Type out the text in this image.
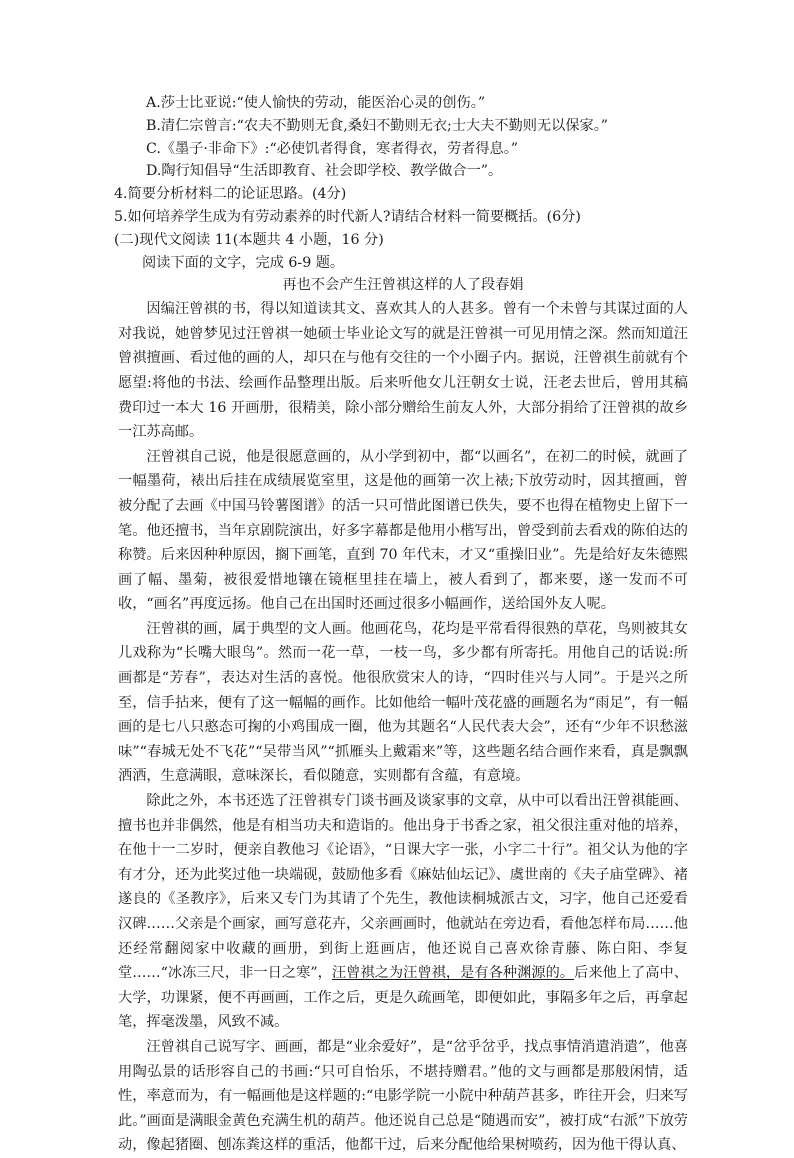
A.莎士比亚说:“使人愉快的劳动，能医治心灵的创伤。”

B.清仁宗曾言:“农夫不勤则无食,桑妇不勤则无衣;士大夫不勤则无以保家。”

C.《墨子·非命下》:“必使饥者得食，寒者得衣，劳者得息。”

D.陶行知倡导“生活即教育、社会即学校、教学做合一”。

4.简要分析材料二的论证思路。(4分)

5.如何培养学生成为有劳动素养的时代新人?请结合材料一简要概括。(6分)

(二)现代文阅读 11(本题共 4 小题，16 分)

阅读下面的文字，完成 6-9 题。

再也不会产生汪曾祺这样的人了段春娟

因编汪曾祺的书，得以知道读其文、喜欢其人的人甚多。曾有一个未曾与其谋过面的人对我说，她曾梦见过汪曾祺一她硕士毕业论文写的就是汪曾祺一可见用情之深。然而知道汪曾祺擅画、看过他的画的人，却只在与他有交往的一个小圈子内。据说，汪曾祺生前就有个愿望:将他的书法、绘画作品整理出版。后来听他女儿汪朝女士说，汪老去世后，曾用其稿费印过一本大 16 开画册，很精美，除小部分赠给生前友人外，大部分捐给了汪曾祺的故乡一江苏高邮。

汪曾祺自己说，他是很愿意画的，从小学到初中，都“以画名”，在初二的时候，就画了一幅墨荷，裱出后挂在成绩展览室里，这是他的画第一次上裱;下放劳动时，因其擅画，曾被分配了去画《中国马铃薯图谱》的活一只可惜此图谱已佚失，要不也得在植物史上留下一笔。他还擅书，当年京剧院演出，好多字幕都是他用小楷写出，曾受到前去看戏的陈伯达的称赞。后来因种种原因，搁下画笔，直到 70 年代末，才又“重操旧业”。先是给好友朱德熙画了幅、墨菊，被很爱惜地镶在镜框里挂在墙上，被人看到了，都来要，遂一发而不可收，“画名”再度远扬。他自己在出国时还画过很多小幅画作，送给国外友人呢。

汪曾祺的画，属于典型的文人画。他画花鸟，花均是平常看得很熟的草花，鸟则被其女儿戏称为“长嘴大眼鸟”。然而一花一草，一枝一鸟，多少都有所寄托。用他自己的话说:所画都是“芳春”，表达对生活的喜悦。他很欣赏宋人的诗，“四时佳兴与人同”。于是兴之所至，信手拈来，便有了这一幅幅的画作。比如他给一幅叶茂花盛的画题名为“雨足”，有一幅画的是七八只憨态可掬的小鸡围成一圈，他为其题名“人民代表大会”，还有“少年不识愁滋味”“春城无处不飞花”“吴带当风”“抓雁头上戴霜来”等，这些题名结合画作来看，真是飘飘洒洒，生意满眼，意味深长，看似随意，实则都有含蕴，有意境。

除此之外，本书还选了汪曾祺专门谈书画及谈家事的文章，从中可以看出汪曾祺能画、擅书也并非偶然，他是有相当功夫和造诣的。他出身于书香之家，祖父很注重对他的培养，在他十一二岁时，便亲自教他习《论语》，“日课大字一张，小字二十行”。祖父认为他的字有才分，还为此奖过他一块端砚，鼓励他多看《麻姑仙坛记》、虞世南的《夫子庙堂碑》、褚遂良的《圣教序》，后来又专门为其请了个先生，教他读桐城派古文，习字，他自己还爱看汉碑……父亲是个画家，画写意花卉，父亲画画时，他就站在旁边看，看他怎样布局……他还经常翻阅家中收藏的画册，到街上逛画店，他还说自己喜欢徐青藤、陈白阳、李复堂……“冰冻三尺，非一日之寒”，汪曾祺之为汪曾祺，是有各种渊源的。后来他上了高中、大学，功课紧，便不再画画，工作之后，更是久疏画笔，即便如此，事隔多年之后，再拿起笔，挥毫泼墨，风致不减。

汪曾祺自己说写字、画画，都是“业余爱好”，是“岔乎岔乎，找点事情消遣消遣”，他喜用陶弘景的话形容自己的书画:“只可自怡乐，不堪持赠君。”他的文与画都是那般闲情，适性，率意而为，有一幅画他是这样题的:“电影学院一小院中种葫芦甚多，昨往开会，归来写此。”画面是满眼金黄色充满生机的葫芦。他还说自己总是“随遇而安”，被打成“右派”下放劳动，像起猪圈、刨冻粪这样的重活，他都干过，后来分配他给果树喷药，因为他干得认真、
